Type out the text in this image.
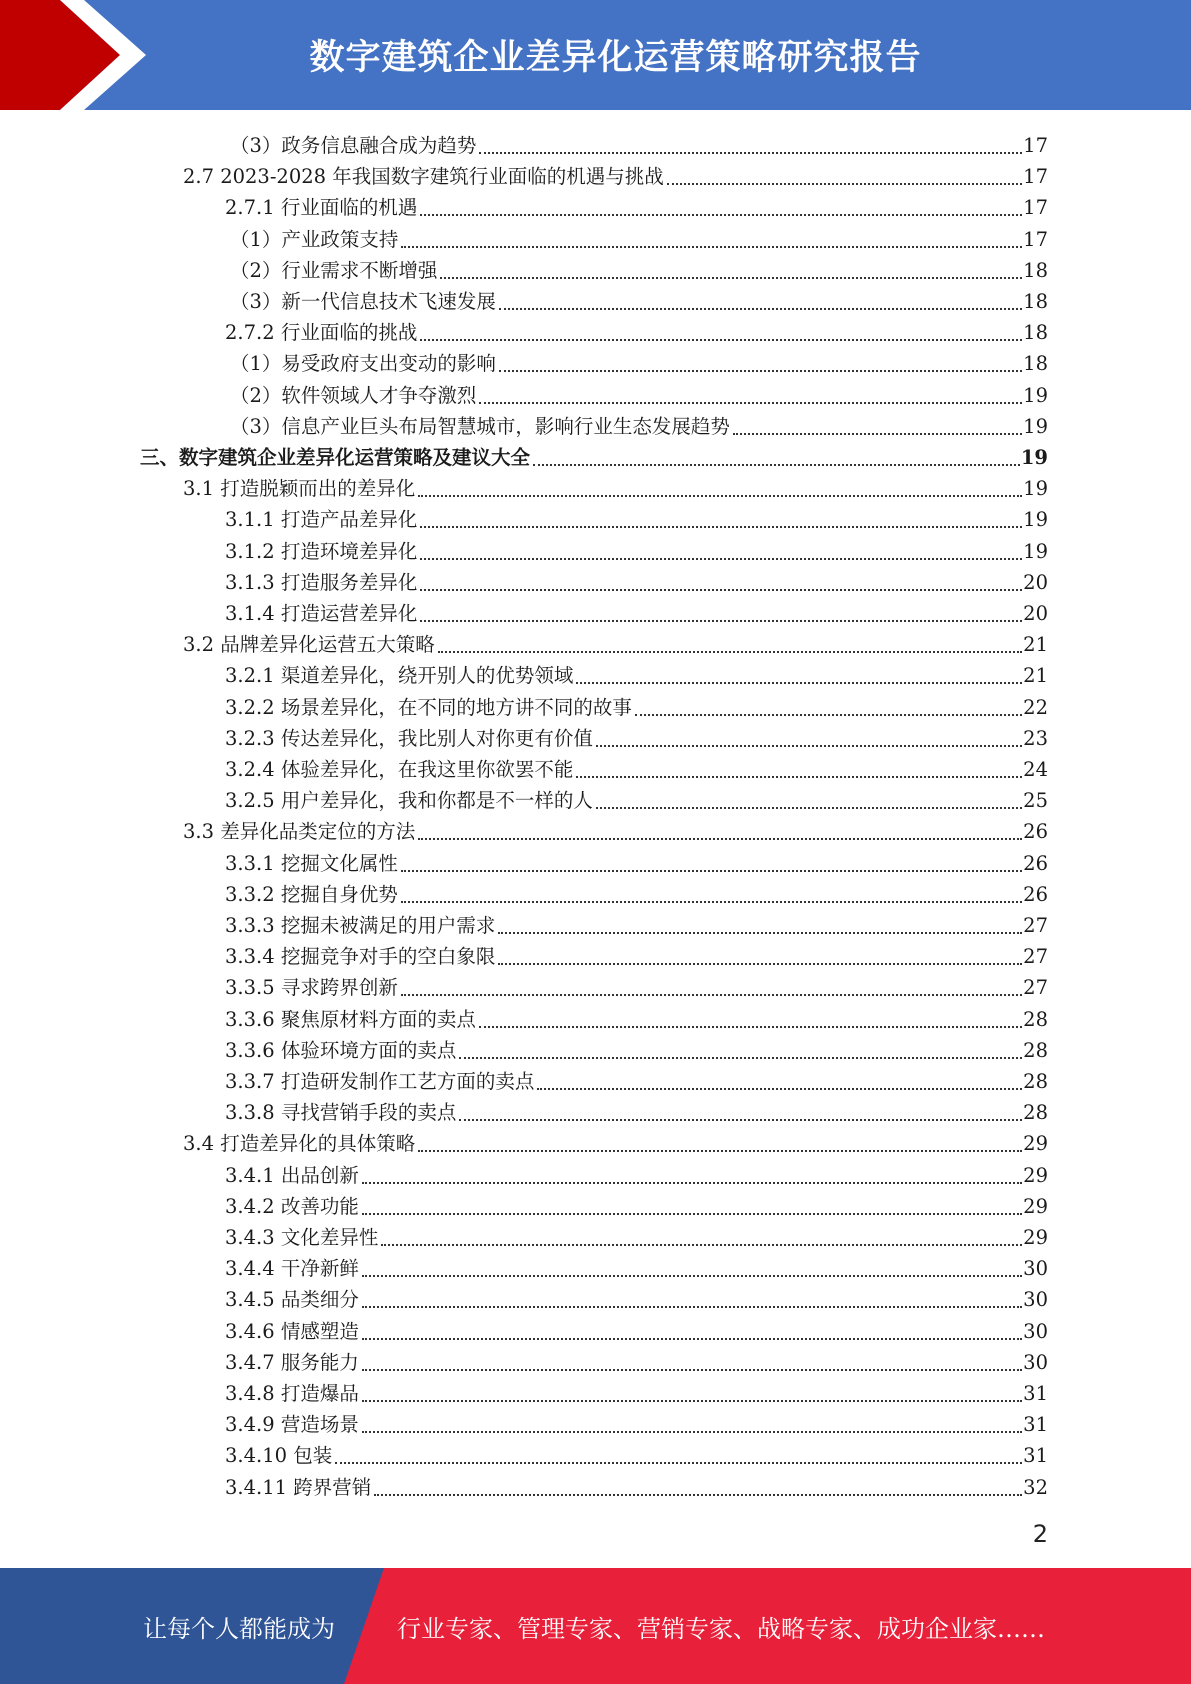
数字建筑企业差异化运营策略研究报告
（3）政务信息融合成为趋势	17
2.7 2023-2028 年我国数字建筑行业面临的机遇与挑战	17
2.7.1 行业面临的机遇	17
（1）产业政策支持	17
（2）行业需求不断增强	18
（3）新一代信息技术飞速发展	18
2.7.2 行业面临的挑战	18
（1）易受政府支出变动的影响	18
（2）软件领域人才争夺激烈	19
（3）信息产业巨头布局智慧城市，影响行业生态发展趋势	19
三、数字建筑企业差异化运营策略及建议大全	19
3.1 打造脱颖而出的差异化	19
3.1.1 打造产品差异化	19
3.1.2 打造环境差异化	19
3.1.3 打造服务差异化	20
3.1.4 打造运营差异化	20
3.2 品牌差异化运营五大策略	21
3.2.1 渠道差异化，绕开别人的优势领域	21
3.2.2 场景差异化，在不同的地方讲不同的故事	22
3.2.3 传达差异化，我比别人对你更有价值	23
3.2.4 体验差异化，在我这里你欲罢不能	24
3.2.5 用户差异化，我和你都是不一样的人	25
3.3 差异化品类定位的方法	26
3.3.1 挖掘文化属性	26
3.3.2 挖掘自身优势	26
3.3.3 挖掘未被满足的用户需求	27
3.3.4 挖掘竞争对手的空白象限	27
3.3.5 寻求跨界创新	27
3.3.6 聚焦原材料方面的卖点	28
3.3.6 体验环境方面的卖点	28
3.3.7 打造研发制作工艺方面的卖点	28
3.3.8 寻找营销手段的卖点	28
3.4 打造差异化的具体策略	29
3.4.1 出品创新	29
3.4.2 改善功能	29
3.4.3 文化差异性	29
3.4.4 干净新鲜	30
3.4.5 品类细分	30
3.4.6 情感塑造	30
3.4.7 服务能力	30
3.4.8 打造爆品	31
3.4.9 营造场景	31
3.4.10 包装	31
3.4.11 跨界营销	32
2
让每个人都能成为	行业专家、管理专家、营销专家、战略专家、成功企业家……
